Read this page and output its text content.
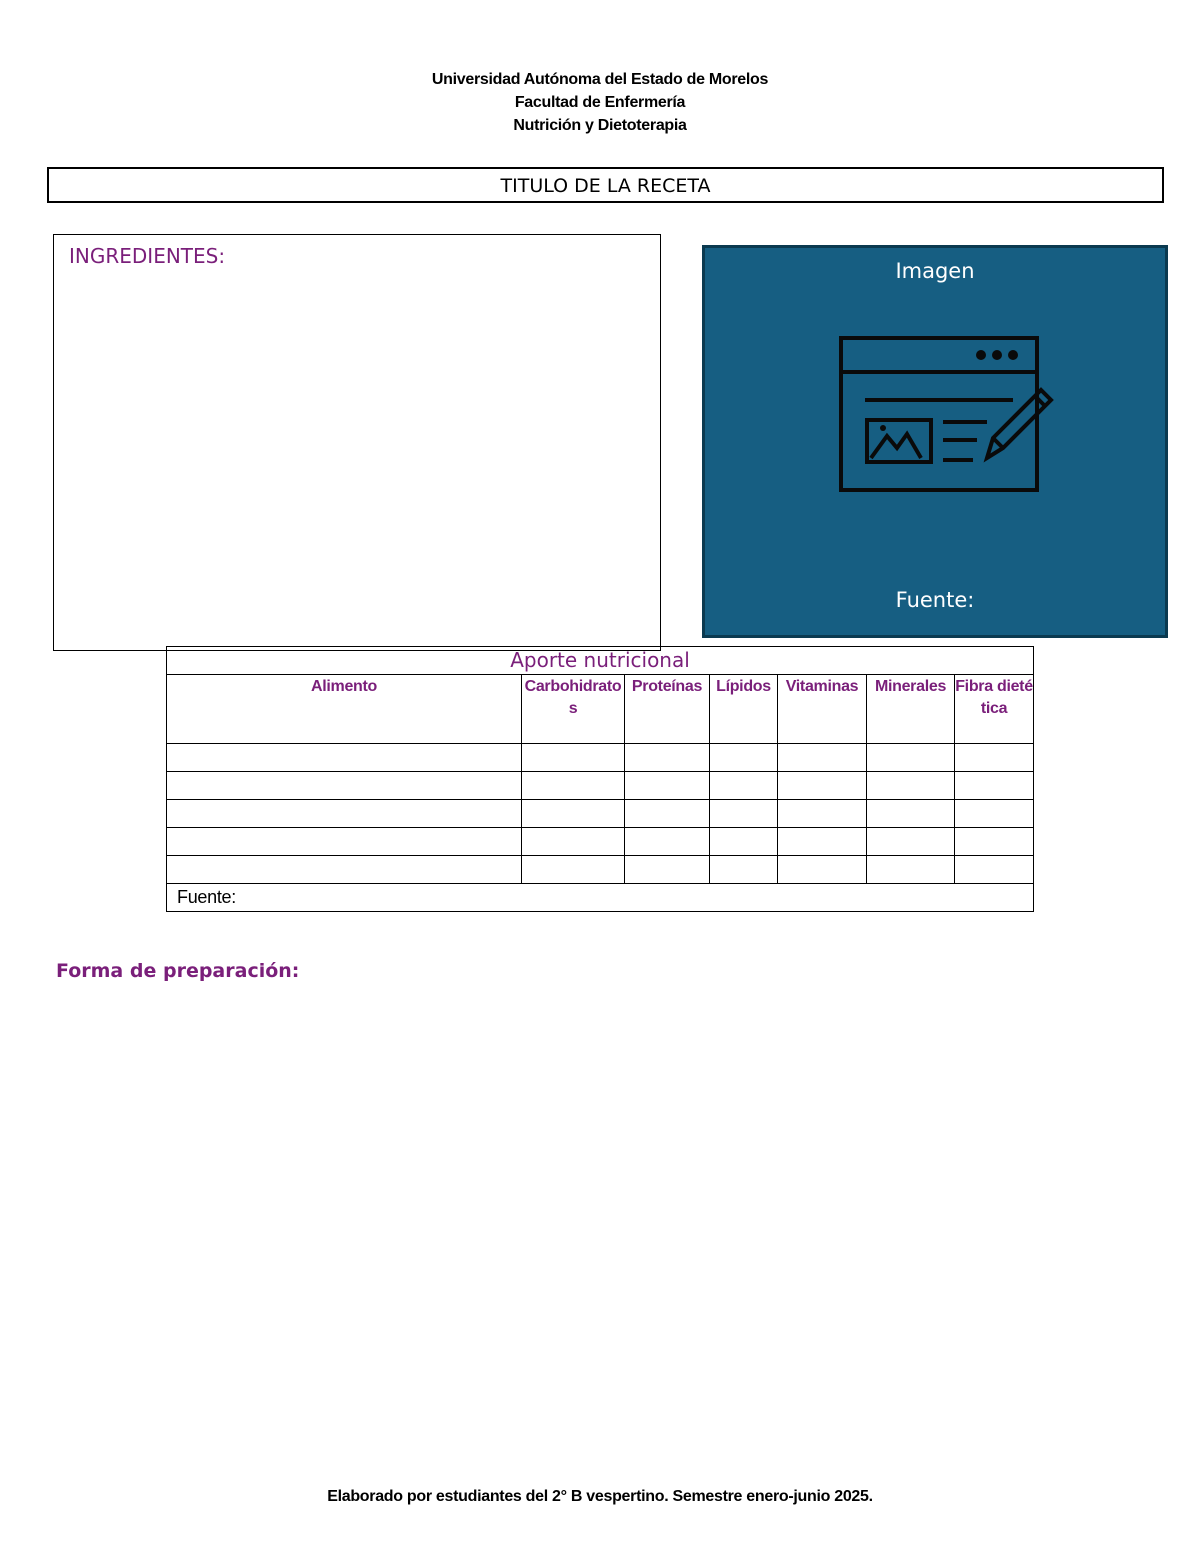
Universidad Autónoma del Estado de Morelos
Facultad de Enfermería
Nutrición y Dietoterapia
TITULO DE LA RECETA
INGREDIENTES:
Imagen
Fuente:
Aporte nutricional						
Alimento	Carbohidratos	Proteínas	Lípidos	Vitaminas	Minerales	Fibra dietética

Fuente:						
Forma de preparación:
Elaborado por estudiantes del 2° B vespertino. Semestre enero-junio 2025.
